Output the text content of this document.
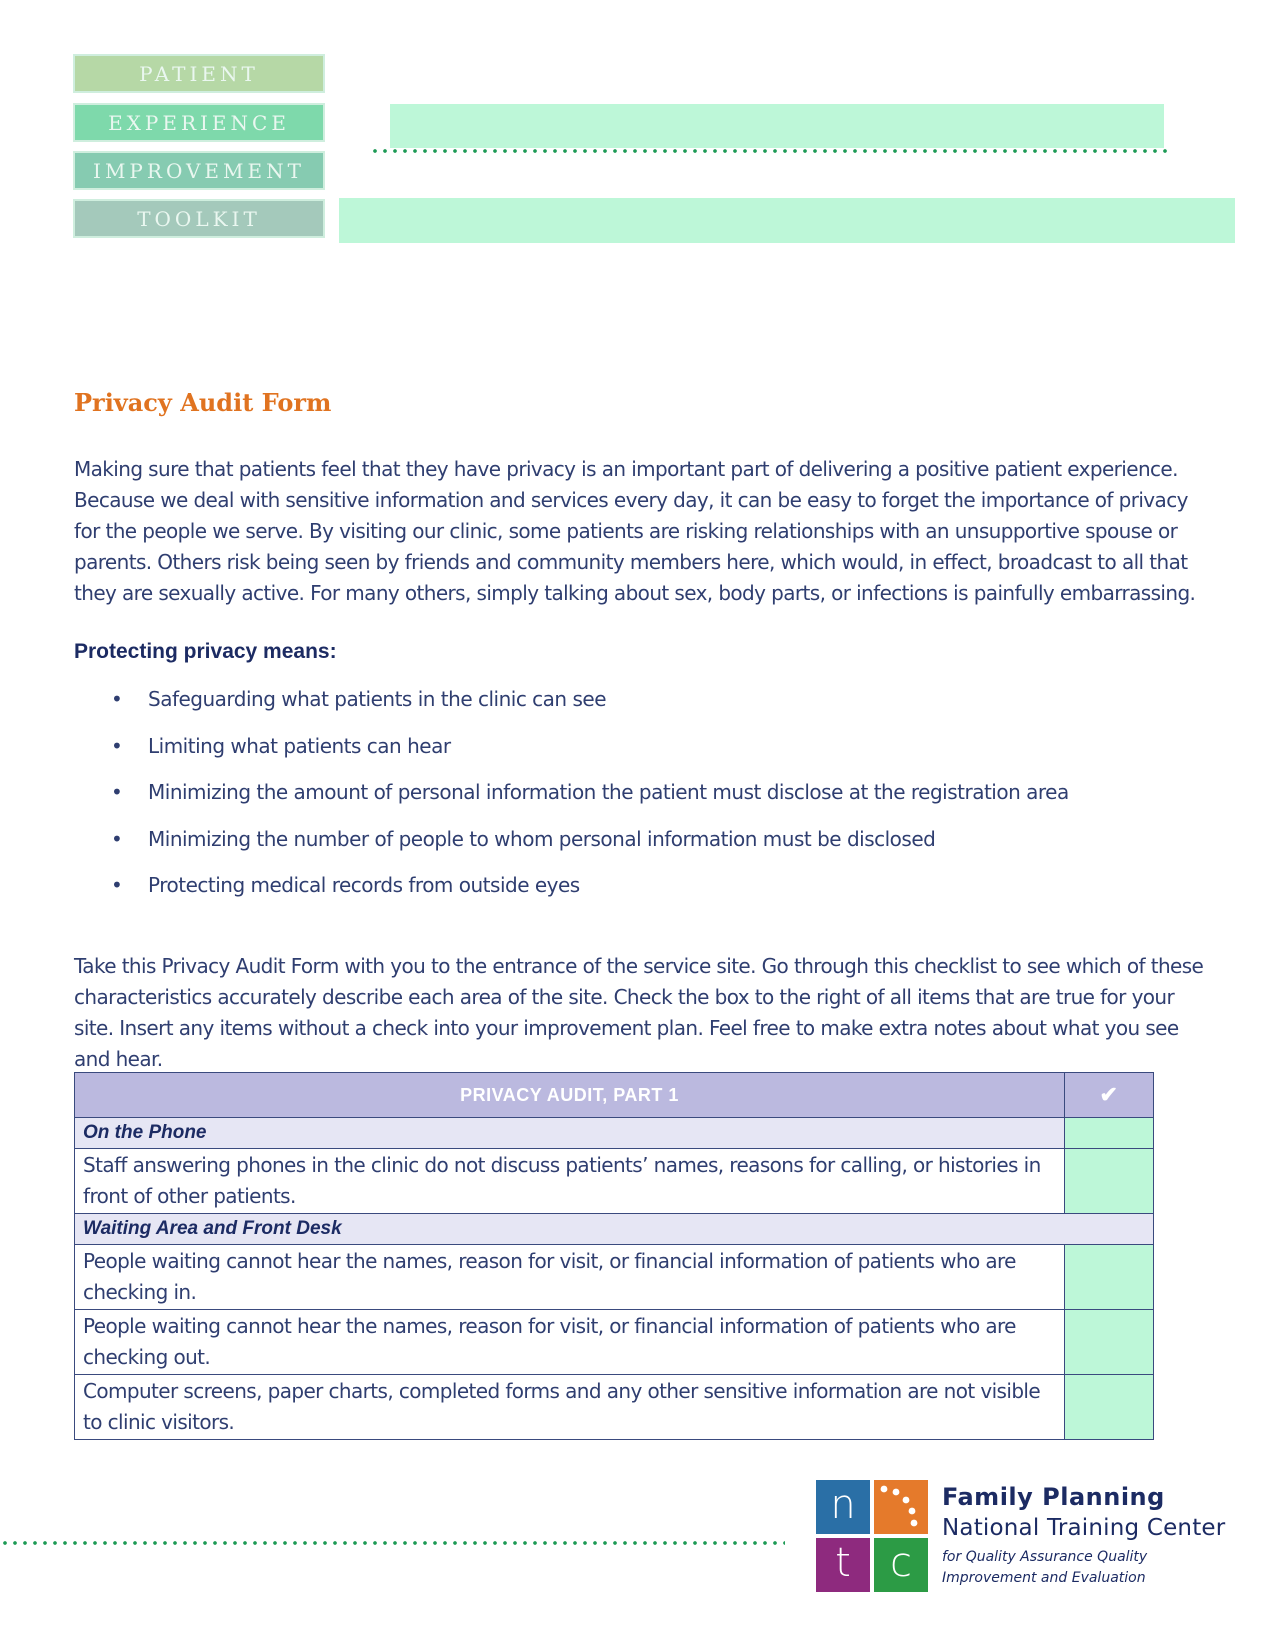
PATIENT
EXPERIENCE
IMPROVEMENT
TOOLKIT
Privacy Audit Form

Making sure that patients feel that they have privacy is an important part of delivering a positive patient experience. Because we deal with sensitive information and services every day, it can be easy to forget the importance of privacy for the people we serve. By visiting our clinic, some patients are risking relationships with an unsupportive spouse or parents. Others risk being seen by friends and community members here, which would, in effect, broadcast to all that they are sexually active. For many others, simply talking about sex, body parts, or infections is painfully embarrassing.

Protecting privacy means:
• Safeguarding what patients in the clinic can see
• Limiting what patients can hear
• Minimizing the amount of personal information the patient must disclose at the registration area
• Minimizing the number of people to whom personal information must be disclosed
• Protecting medical records from outside eyes

Take this Privacy Audit Form with you to the entrance of the service site. Go through this checklist to see which of these characteristics accurately describe each area of the site. Check the box to the right of all items that are true for your site. Insert any items without a check into your improvement plan. Feel free to make extra notes about what you see and hear.

PRIVACY AUDIT, PART 1	✔
On the Phone	
Staff answering phones in the clinic do not discuss patients’ names, reasons for calling, or histories in front of other patients.	
Waiting Area and Front Desk	
People waiting cannot hear the names, reason for visit, or financial information of patients who are checking in.	
People waiting cannot hear the names, reason for visit, or financial information of patients who are checking out.	
Computer screens, paper charts, completed forms and any other sensitive information are not visible to clinic visitors.	
n
t c
Family Planning
National Training Center
for Quality Assurance Quality Improvement and Evaluation
